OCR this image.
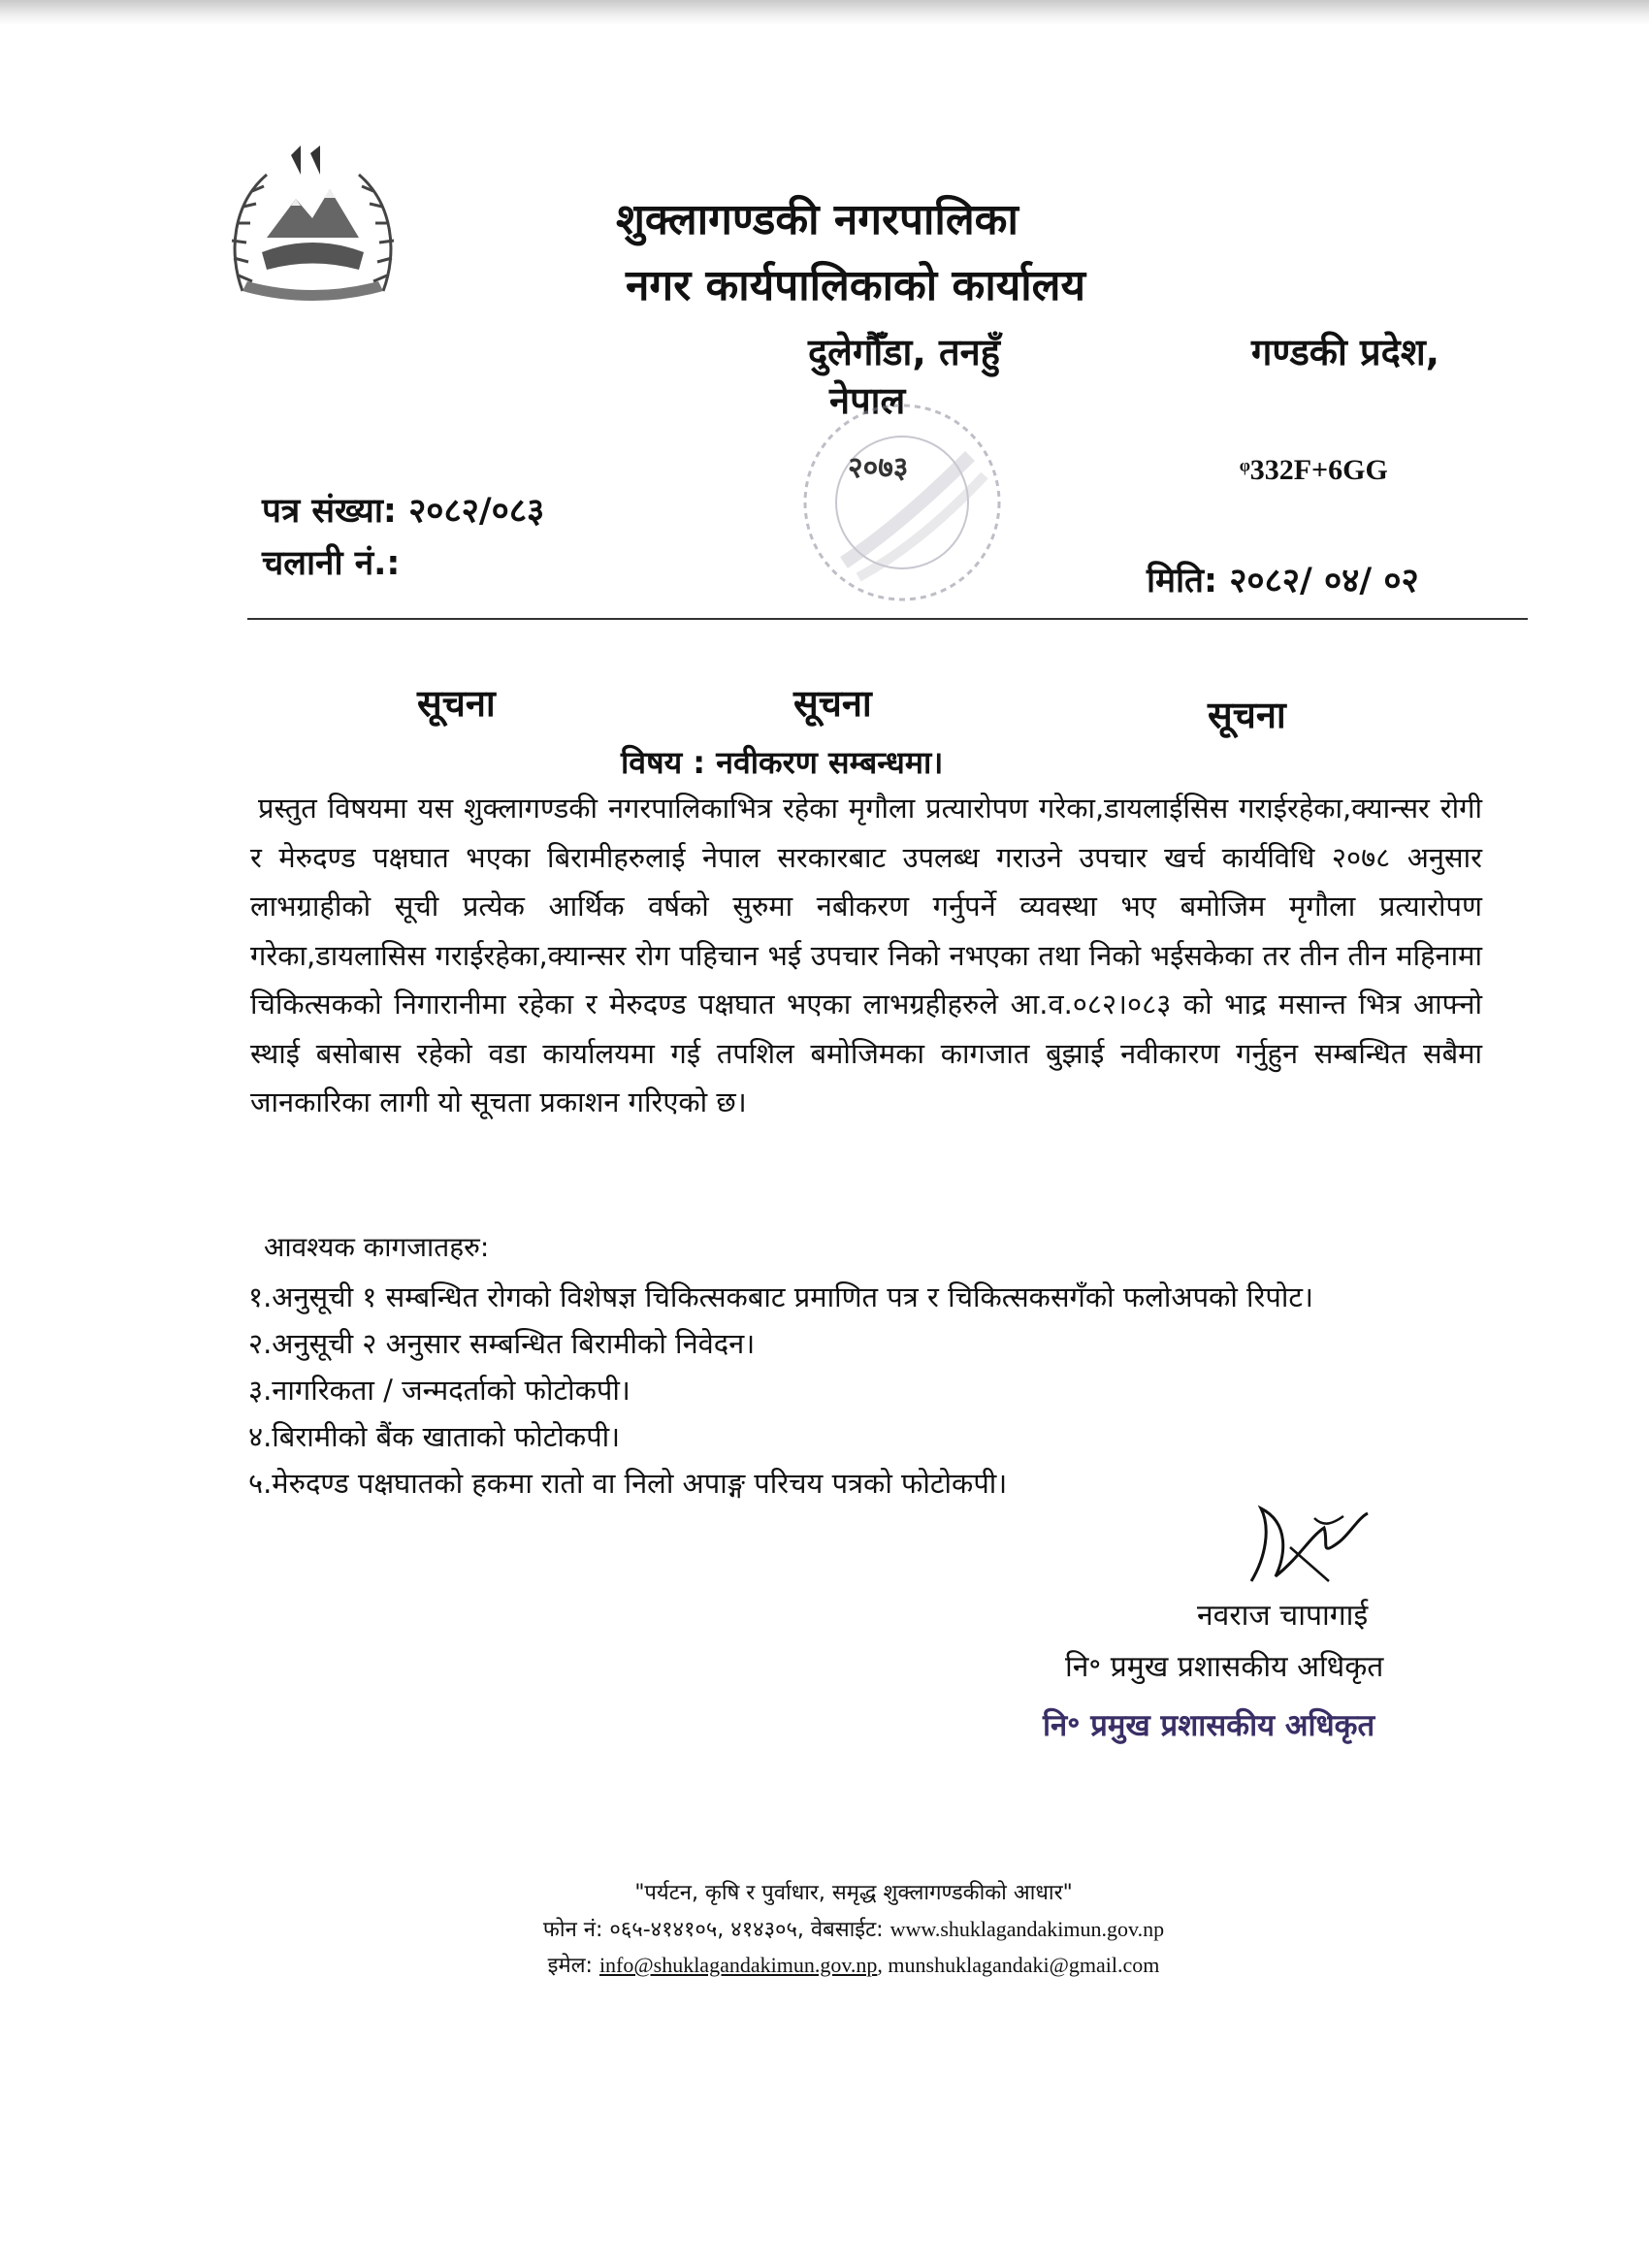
शुक्लागण्डकी नगरपालिका
नगर कार्यपालिकाको कार्यालय
दुलेगौँडा, तनहुँ
नेपाल
गण्डकी प्रदेश,
२०७३	ᵠ332F+6GG
पत्र संख्या: २०८२/०८३
चलानी नं.:	मिति: २०८२/ ०४/ ०२
सूचना	सूचना	सूचना
विषय : नवीकरण सम्बन्धमा।
प्रस्तुत विषयमा यस शुक्लागण्डकी नगरपालिकाभित्र रहेका मृगौला प्रत्यारोपण गरेका,डायलाईसिस गराईरहेका,क्यान्सर रोगी र मेरुदण्ड पक्षघात भएका बिरामीहरुलाई नेपाल सरकारबाट उपलब्ध गराउने उपचार खर्च कार्यविधि २०७८ अनुसार लाभग्राहीको सूची प्रत्येक आर्थिक वर्षको सुरुमा नबीकरण गर्नुपर्ने व्यवस्था भए बमोजिम मृगौला प्रत्यारोपण गरेका,डायलासिस गराईरहेका,क्यान्सर रोग पहिचान भई उपचार निको नभएका तथा निको भईसकेका तर तीन तीन महिनामा चिकित्सकको निगारानीमा रहेका र मेरुदण्ड पक्षघात भएका लाभग्रहीहरुले आ.व.०८२।०८३ को भाद्र मसान्त भित्र आफ्नो स्थाई बसोबास रहेको वडा कार्यालयमा गई तपशिल बमोजिमका कागजात बुझाई नवीकारण गर्नुहुन सम्बन्धित सबैमा जानकारिका लागी यो सूचता प्रकाशन गरिएको छ।
आवश्यक कागजातहरु:
१.अनुसूची १ सम्बन्धित रोगको विशेषज्ञ चिकित्सकबाट प्रमाणित पत्र र चिकित्सकसगँको फलोअपको रिपोट।
२.अनुसूची २ अनुसार सम्बन्धित बिरामीको निवेदन।
३.नागरिकता / जन्मदर्ताको फोटोकपी।
४.बिरामीको बैंक खाताको फोटोकपी।
५.मेरुदण्ड पक्षघातको हकमा रातो वा निलो अपाङ्ग परिचय पत्रको फोटोकपी।
नवराज चापागाई
नि॰ प्रमुख प्रशासकीय अधिकृत
नि॰ प्रमुख प्रशासकीय अधिकृत
"पर्यटन, कृषि र पुर्वाधार, समृद्ध शुक्लागण्डकीको आधार"
फोन नं: ०६५-४१४१०५, ४१४३०५, वेबसाईट: www.shuklagandakimun.gov.np
इमेल: info@shuklagandakimun.gov.np, munshuklagandaki@gmail.com
